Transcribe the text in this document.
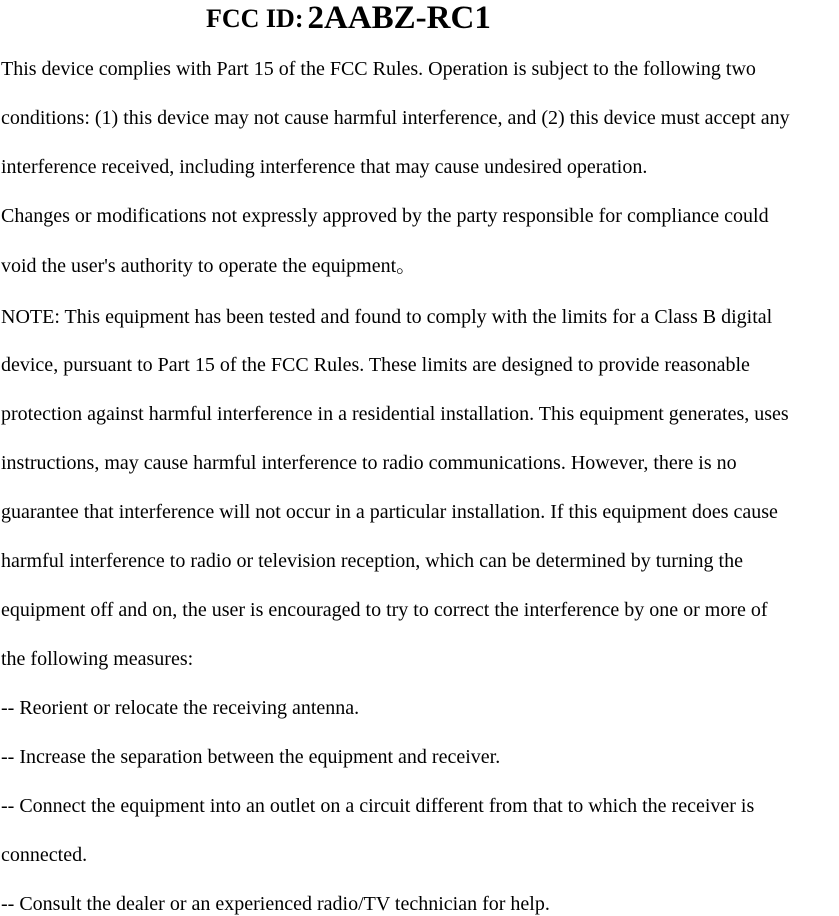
FCC ID: 2AABZ-RC1

This device complies with Part 15 of the FCC Rules. Operation is subject to the following two

conditions: (1) this device may not cause harmful interference, and (2) this device must accept any

interference received, including interference that may cause undesired operation.

Changes or modifications not expressly approved by the party responsible for compliance could

void the user's authority to operate the equipment。

NOTE: This equipment has been tested and found to comply with the limits for a Class B digital

device, pursuant to Part 15 of the FCC Rules. These limits are designed to provide reasonable

protection against harmful interference in a residential installation. This equipment generates, uses

instructions, may cause harmful interference to radio communications. However, there is no

guarantee that interference will not occur in a particular installation. If this equipment does cause

harmful interference to radio or television reception, which can be determined by turning the

equipment off and on, the user is encouraged to try to correct the interference by one or more of

the following measures:

-- Reorient or relocate the receiving antenna.

-- Increase the separation between the equipment and receiver.

-- Connect the equipment into an outlet on a circuit different from that to which the receiver is

connected.

-- Consult the dealer or an experienced radio/TV technician for help.
